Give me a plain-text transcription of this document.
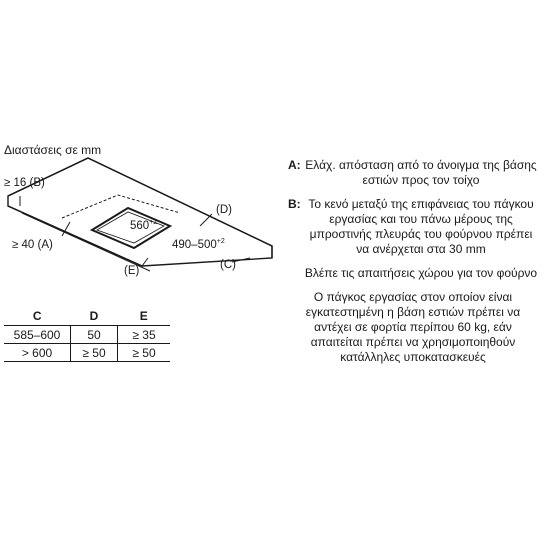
Διαστάσεις σε mm
≥ 16 (B)
≥ 40 (A)
(D)
(C)
(E)
$560^{+2}$
$490-500^{+2}$
A: Ελάχ. απόσταση από το άνοιγμα της βάσης εστιών προς τον τοίχο
B: Το κενό μεταξύ της επιφάνειας του πάγκου εργασίας και του πάνω μέρους της μπροστινής πλευράς του φούρνου πρέπει να ανέρχεται στα 30 mm
Βλέπε τις απαιτήσεις χώρου για τον φούρνο
Ο πάγκος εργασίας στον οποίον είναι εγκατεστημένη η βάση εστιών πρέπει να αντέχει σε φορτία περίπου 60 kg, εάν απαιτείται πρέπει να χρησιμοποιηθούν κατάλληλες υποκατασκευές
C	D	E
585–600	50	≥ 35
> 600	≥ 50	≥ 50
